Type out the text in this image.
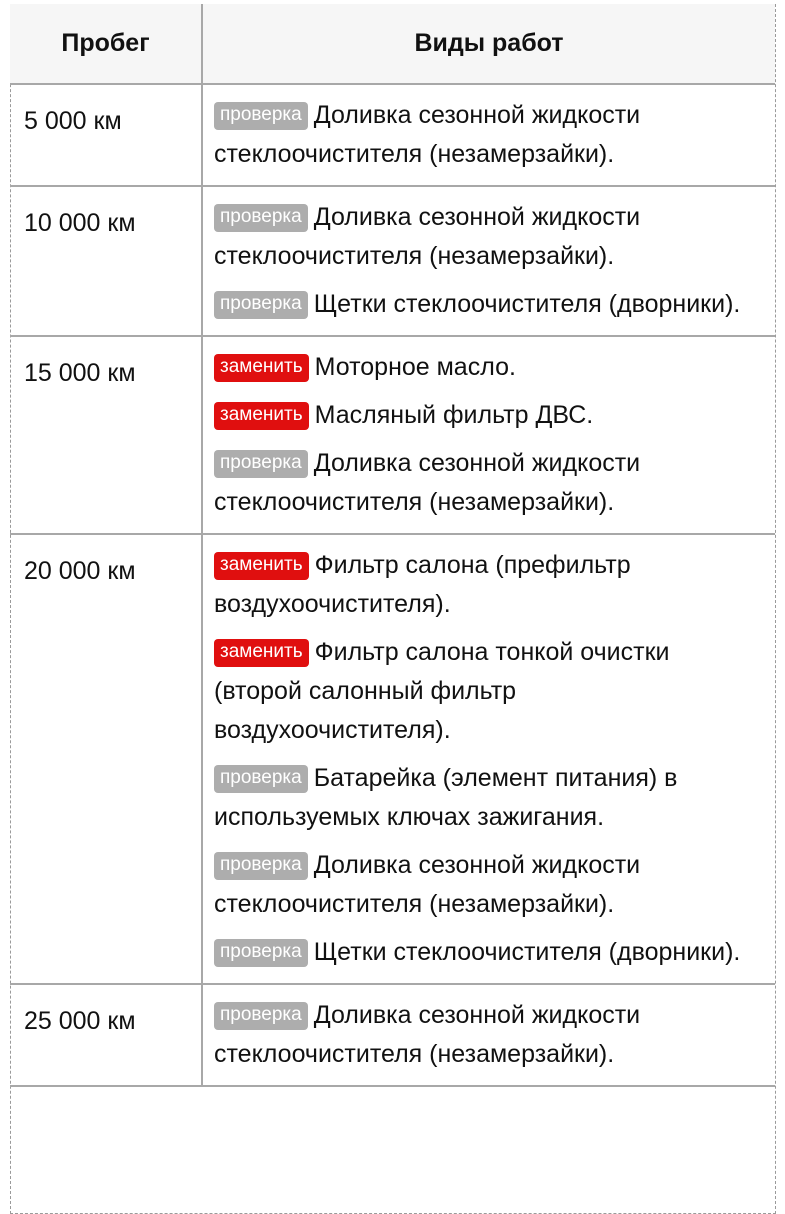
Пробег	Виды работ
5 000 км	проверка Доливка сезонной жидкости стеклоочистителя (незамерзайки).

10 000 км	проверка Доливка сезонной жидкости стеклоочистителя (незамерзайки).
проверка Щетки стеклоочистителя (дворники).

15 000 км	заменить Моторное масло.
заменить Масляный фильтр ДВС.
проверка Доливка сезонной жидкости стеклоочистителя (незамерзайки).

20 000 км	заменить Фильтр салона (префильтр воздухоочистителя).
заменить Фильтр салона тонкой очистки (второй салонный фильтр воздухоочистителя).
проверка Батарейка (элемент питания) в используемых ключах зажигания.
проверка Доливка сезонной жидкости стеклоочистителя (незамерзайки).
проверка Щетки стеклоочистителя (дворники).

25 000 км	проверка Доливка сезонной жидкости стеклоочистителя (незамерзайки).
